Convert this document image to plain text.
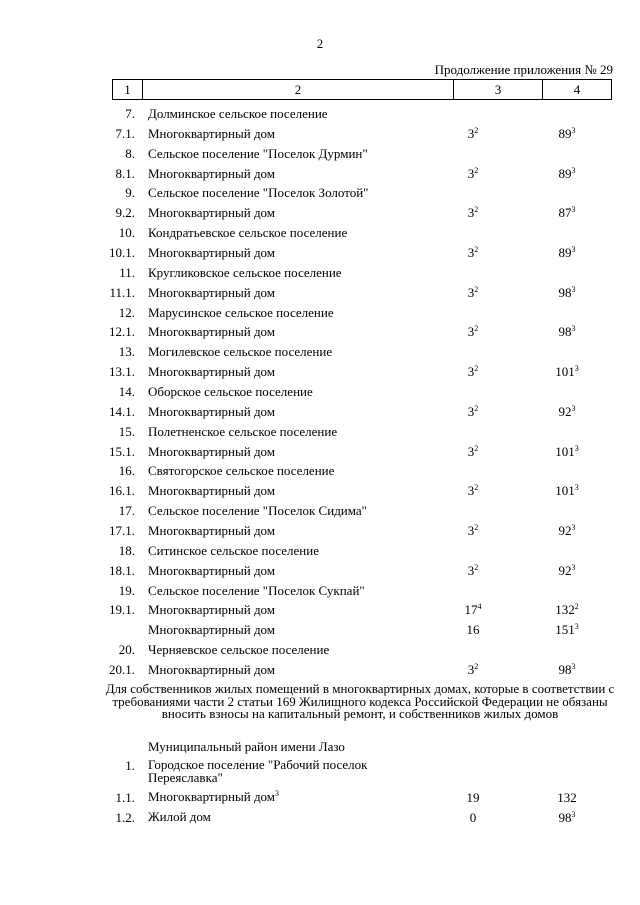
2
Продолжение приложения № 29
1	2	3	4
7. Долминское сельское поселение
7.1. Многоквартирный дом	$3^2$	$89^3$
8. Сельское поселение "Поселок Дурмин"
8.1. Многоквартирный дом	$3^2$	$89^3$
9. Сельское поселение "Поселок Золотой"
9.2. Многоквартирный дом	$3^2$	$87^3$
10. Кондратьевское сельское поселение
10.1. Многоквартирный дом	$3^2$	$89^3$
11. Кругликовское сельское поселение
11.1. Многоквартирный дом	$3^2$	$98^3$
12. Марусинское сельское поселение
12.1. Многоквартирный дом	$3^2$	$98^3$
13. Могилевское сельское поселение
13.1. Многоквартирный дом	$3^2$	$101^3$
14. Оборское сельское поселение
14.1. Многоквартирный дом	$3^2$	$92^3$
15. Полетненское сельское поселение
15.1. Многоквартирный дом	$3^2$	$101^3$
16. Святогорское сельское поселение
16.1. Многоквартирный дом	$3^2$	$101^3$
17. Сельское поселение "Поселок Сидима"
17.1. Многоквартирный дом	$3^2$	$92^3$
18. Ситинское сельское поселение
18.1. Многоквартирный дом	$3^2$	$92^3$
19. Сельское поселение "Поселок Сукпай"
19.1. Многоквартирный дом	$17^4$	$132^2$
Многоквартирный дом	16	$151^3$
20. Черняевское сельское поселение
20.1. Многоквартирный дом	$3^2$	$98^3$
Для собственников жилых помещений в многоквартирных домах, которые в соответствии с требованиями части 2 статьи 169 Жилищного кодекса Российской Федерации не обязаны вносить взносы на капитальный ремонт, и собственников жилых домов
Муниципальный район имени Лазо
1. Городское поселение "Рабочий поселок Переяславка"
1.1. Многоквартирный дом$^3$	19	132
1.2. Жилой дом	0	$98^3$
